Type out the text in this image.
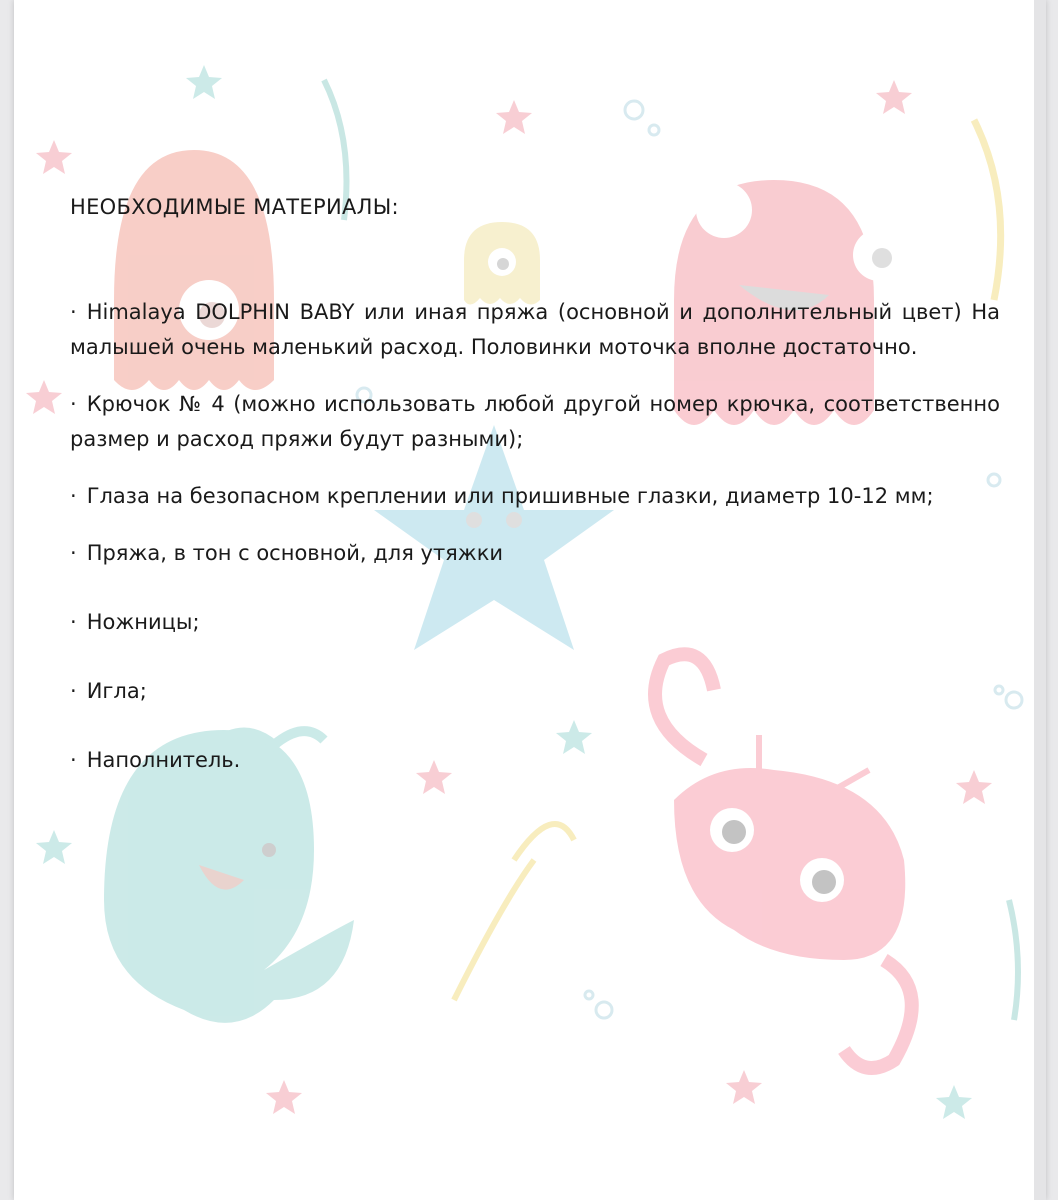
НЕОБХОДИМЫЕ МАТЕРИАЛЫ:
· Himalaya DOLPHIN BABY или иная пряжа (основной и дополнительный цвет) На малышей очень маленький расход. Половинки моточка вполне достаточно.
· Крючок № 4 (можно использовать любой другой номер крючка, соответственно размер и расход пряжи будут разными);
· Глаза на безопасном креплении или пришивные глазки, диаметр 10-12 мм;
· Пряжа, в тон с основной, для утяжки
· Ножницы;
· Игла;
· Наполнитель.
